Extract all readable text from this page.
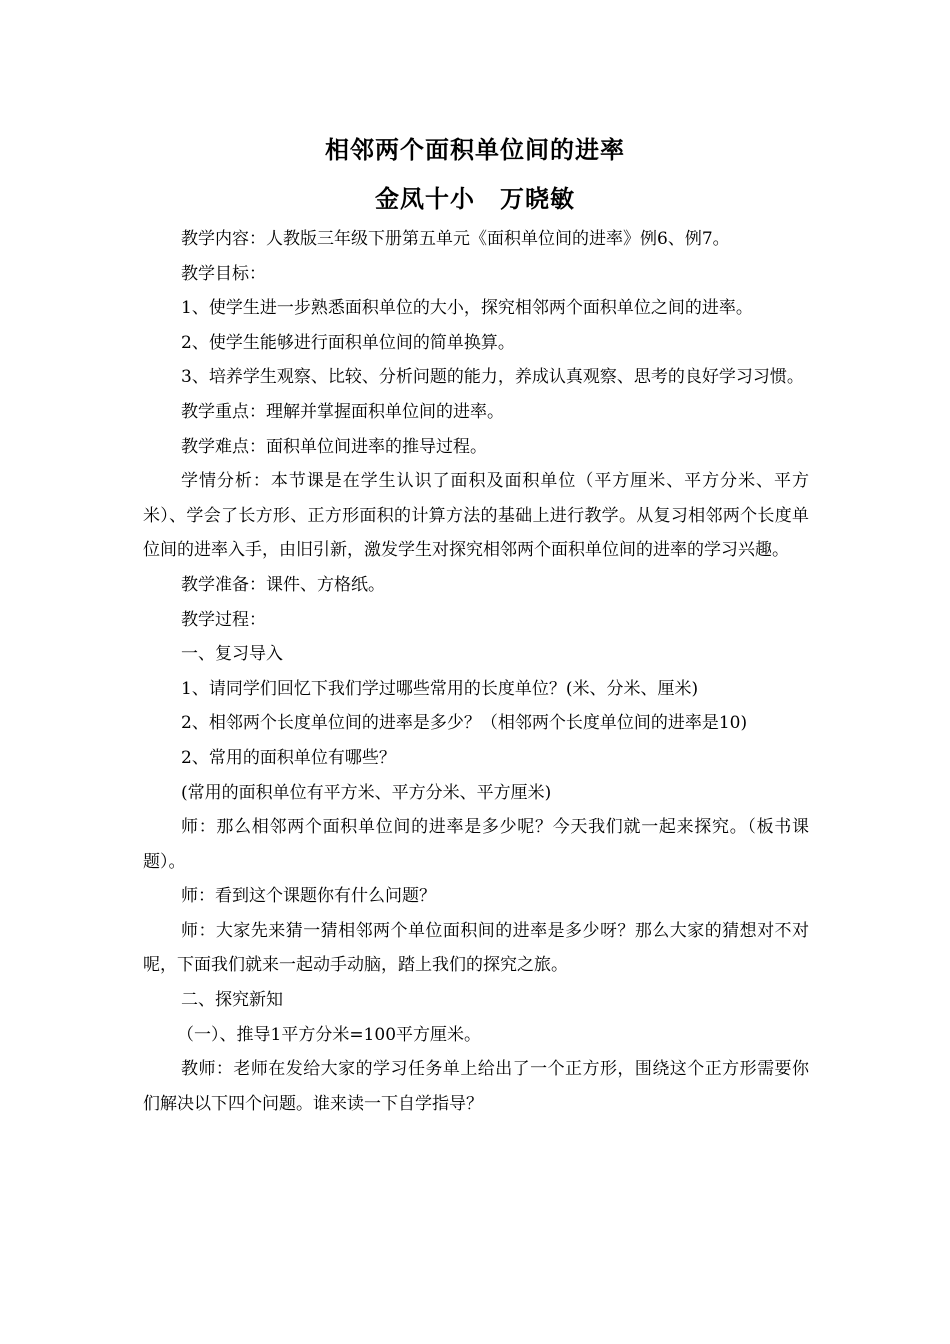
相邻两个面积单位间的进率
金凤十小　万晓敏

教学内容：人教版三年级下册第五单元《面积单位间的进率》例6、例7。

教学目标：

1、使学生进一步熟悉面积单位的大小，探究相邻两个面积单位之间的进率。

2、使学生能够进行面积单位间的简单换算。

3、培养学生观察、比较、分析问题的能力，养成认真观察、思考的良好学习习惯。

教学重点：理解并掌握面积单位间的进率。

教学难点：面积单位间进率的推导过程。

学情分析：本节课是在学生认识了面积及面积单位（平方厘米、平方分米、平方米）、学会了长方形、正方形面积的计算方法的基础上进行教学。从复习相邻两个长度单位间的进率入手，由旧引新，激发学生对探究相邻两个面积单位间的进率的学习兴趣。

教学准备：课件、方格纸。

教学过程：

一、复习导入

1、请同学们回忆下我们学过哪些常用的长度单位？(米、分米、厘米)

2、相邻两个长度单位间的进率是多少？（相邻两个长度单位间的进率是10)

2、常用的面积单位有哪些？

(常用的面积单位有平方米、平方分米、平方厘米)

师：那么相邻两个面积单位间的进率是多少呢？今天我们就一起来探究。（板书课题）。

师：看到这个课题你有什么问题？

师：大家先来猜一猜相邻两个单位面积间的进率是多少呀？那么大家的猜想对不对呢，下面我们就来一起动手动脑，踏上我们的探究之旅。

二、探究新知

（一）、推导1平方分米=100平方厘米。

教师：老师在发给大家的学习任务单上给出了一个正方形，围绕这个正方形需要你们解决以下四个问题。谁来读一下自学指导？
